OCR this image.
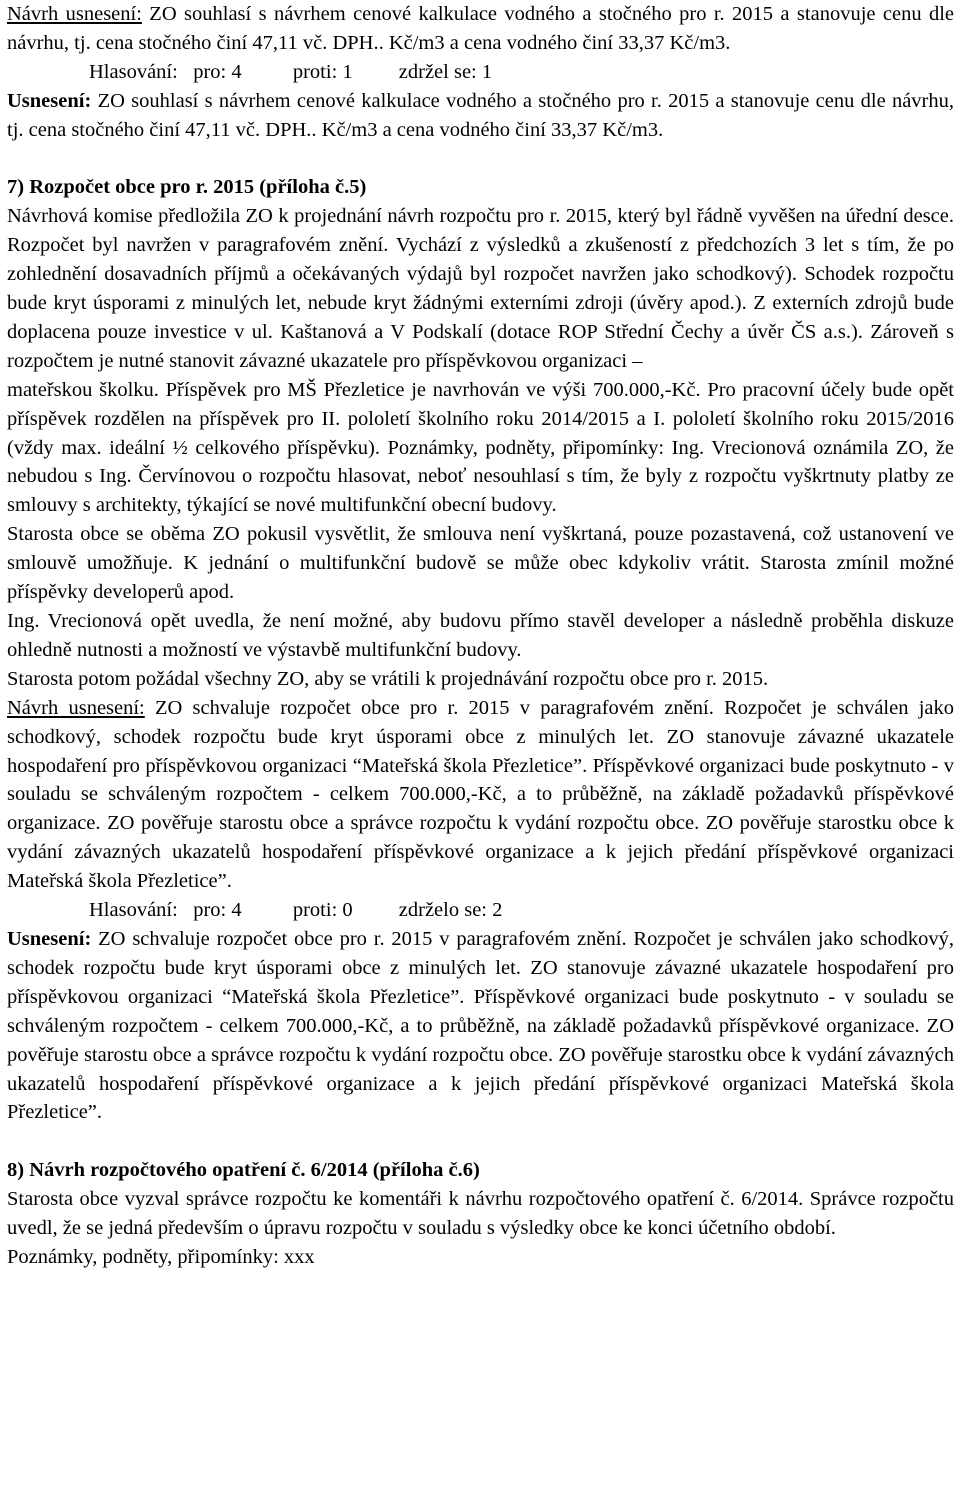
Návrh usnesení: ZO souhlasí s návrhem cenové kalkulace vodného a stočného pro r. 2015 a stanovuje cenu dle návrhu, tj. cena stočného činí 47,11 vč. DPH.. Kč/m3 a cena vodného činí 33,37 Kč/m3.

Hlasování: pro: 4	proti: 1 zdržel se: 1

Usnesení: ZO souhlasí s návrhem cenové kalkulace vodného a stočného pro r. 2015 a stanovuje cenu dle návrhu, tj. cena stočného činí 47,11 vč. DPH.. Kč/m3 a cena vodného činí 33,37 Kč/m3.

7) Rozpočet obce pro r. 2015 (příloha č.5)

Návrhová komise předložila ZO k projednání návrh rozpočtu pro r. 2015, který byl řádně vyvěšen na úřední desce. Rozpočet byl navržen v paragrafovém znění. Vychází z výsledků a zkušeností z předchozích 3 let s tím, že po zohlednění dosavadních příjmů a očekávaných výdajů byl rozpočet navržen jako schodkový). Schodek rozpočtu bude kryt úsporami z minulých let, nebude kryt žádnými externími zdroji (úvěry apod.). Z externích zdrojů bude doplacena pouze investice v ul. Kaštanová a V Podskalí (dotace ROP Střední Čechy a úvěr ČS a.s.). Zároveň s rozpočtem je nutné stanovit závazné ukazatele pro příspěvkovou organizaci –

mateřskou školku. Příspěvek pro MŠ Přezletice je navrhován ve výši 700.000,-Kč. Pro pracovní účely bude opět příspěvek rozdělen na příspěvek pro II. pololetí školního roku 2014/2015 a I. pololetí školního roku 2015/2016 (vždy max. ideální ½ celkového příspěvku). Poznámky, podněty, připomínky: Ing. Vrecionová oznámila ZO, že nebudou s Ing. Červínovou o rozpočtu hlasovat, neboť nesouhlasí s tím, že byly z rozpočtu vyškrtnuty platby ze smlouvy s architekty, týkající se nové multifunkční obecní budovy.

Starosta obce se oběma ZO pokusil vysvětlit, že smlouva není vyškrtaná, pouze pozastavená, což ustanovení ve smlouvě umožňuje. K jednání o multifunkční budově se může obec kdykoliv vrátit. Starosta zmínil možné příspěvky developerů apod.

Ing. Vrecionová opět uvedla, že není možné, aby budovu přímo stavěl developer a následně proběhla diskuze ohledně nutnosti a možností ve výstavbě multifunkční budovy.

Starosta potom požádal všechny ZO, aby se vrátili k projednávání rozpočtu obce pro r. 2015.

Návrh usnesení: ZO schvaluje rozpočet obce pro r. 2015 v paragrafovém znění. Rozpočet je schválen jako schodkový, schodek rozpočtu bude kryt úsporami obce z minulých let. ZO stanovuje závazné ukazatele hospodaření pro příspěvkovou organizaci “Mateřská škola Přezletice”. Příspěvkové organizaci bude poskytnuto - v souladu se schváleným rozpočtem - celkem 700.000,-Kč, a to průběžně, na základě požadavků příspěvkové organizace. ZO pověřuje starostu obce a správce rozpočtu k vydání rozpočtu obce. ZO pověřuje starostku obce k vydání závazných ukazatelů hospodaření příspěvkové organizace a k jejich předání příspěvkové organizaci Mateřská škola Přezletice”.

Hlasování: pro: 4	proti: 0 zdrželo se: 2

Usnesení: ZO schvaluje rozpočet obce pro r. 2015 v paragrafovém znění. Rozpočet je schválen jako schodkový, schodek rozpočtu bude kryt úsporami obce z minulých let. ZO stanovuje závazné ukazatele hospodaření pro příspěvkovou organizaci “Mateřská škola Přezletice”. Příspěvkové organizaci bude poskytnuto - v souladu se schváleným rozpočtem - celkem 700.000,-Kč, a to průběžně, na základě požadavků příspěvkové organizace. ZO pověřuje starostu obce a správce rozpočtu k vydání rozpočtu obce. ZO pověřuje starostku obce k vydání závazných ukazatelů hospodaření příspěvkové organizace a k jejich předání příspěvkové organizaci Mateřská škola Přezletice”.

8) Návrh rozpočtového opatření č. 6/2014 (příloha č.6)

Starosta obce vyzval správce rozpočtu ke komentáři k návrhu rozpočtového opatření č. 6/2014. Správce rozpočtu uvedl, že se jedná především o úpravu rozpočtu v souladu s výsledky obce ke konci účetního období.

Poznámky, podněty, připomínky: xxx
